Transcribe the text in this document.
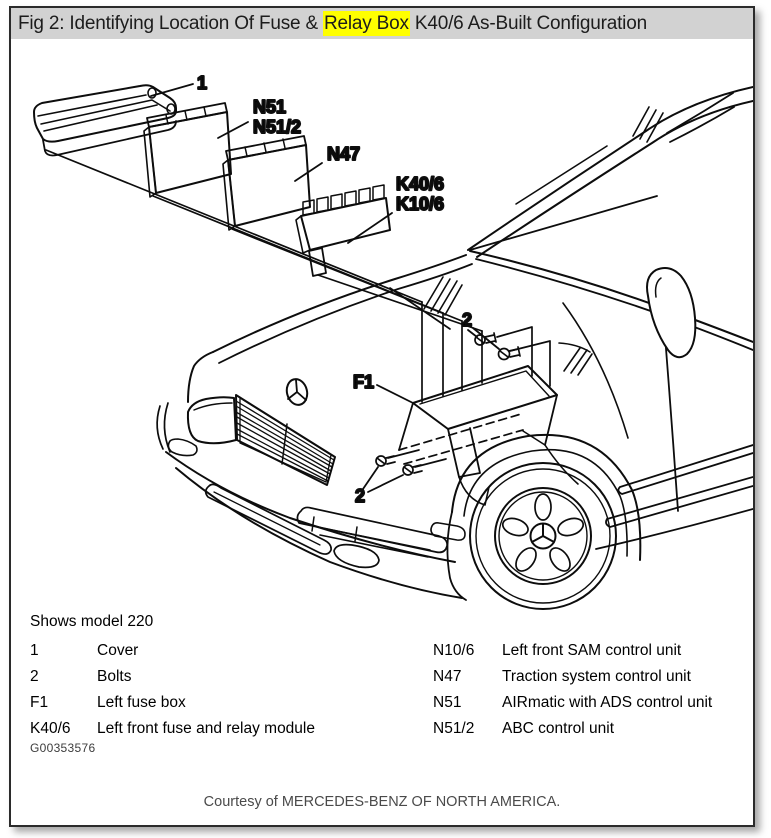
Fig 2: Identifying Location Of Fuse & Relay Box K40/6 As-Built Configuration
1
N51
N51/2
N47
K40/6
K10/6
F1
2
2
Shows model 220
1	Cover
2	Bolts
F1	Left fuse box
K40/6	Left front fuse and relay module
N10/6	Left front SAM control unit
N47	Traction system control unit
N51	AIRmatic with ADS control unit
N51/2	ABC control unit
G00353576
Courtesy of MERCEDES-BENZ OF NORTH AMERICA.
